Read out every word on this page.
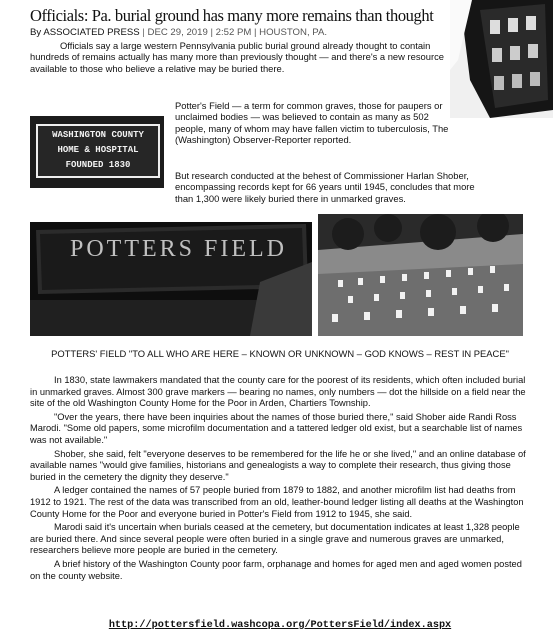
Officials: Pa. burial ground has many more remains than thought
By ASSOCIATED PRESS | DEC 29, 2019 | 2:52 PM | HOUSTON, PA.
Officials say a large western Pennsylvania public burial ground already thought to contain hundreds of remains actually has many more than previously thought — and there's a new resource available to those who believe a relative may be buried there.
WASHINGTON COUNTY
HOME & HOSPITAL
FOUNDED 1830
Potter's Field — a term for common graves, those for paupers or unclaimed bodies — was believed to contain as many as 502 people, many of whom may have fallen victim to tuberculosis, The (Washington) Observer-Reporter reported.
But research conducted at the behest of Commissioner Harlan Shober, encompassing records kept for 66 years until 1945, concludes that more than 1,300 were likely buried there in unmarked graves.
POTTERS FIELD
POTTERS' FIELD "TO ALL WHO ARE HERE – KNOWN OR UNKNOWN – GOD KNOWS – REST IN PEACE"

In 1830, state lawmakers mandated that the county care for the poorest of its residents, which often included burial in unmarked graves. Almost 300 grave markers — bearing no names, only numbers — dot the hillside on a field near the site of the old Washington County Home for the Poor in Arden, Chartiers Township.

"Over the years, there have been inquiries about the names of those buried there," said Shober aide Randi Ross Marodi. "Some old papers, some microfilm documentation and a tattered ledger old exist, but a searchable list of names was not available."

Shober, she said, felt "everyone deserves to be remembered for the life he or she lived," and an online database of available names "would give families, historians and genealogists a way to complete their research, thus giving those buried in the cemetery the dignity they deserve."

A ledger contained the names of 57 people buried from 1879 to 1882, and another microfilm list had deaths from 1912 to 1921. The rest of the data was transcribed from an old, leather-bound ledger listing all deaths at the Washington County Home for the Poor and everyone buried in Potter's Field from 1912 to 1945, she said.

Marodi said it's uncertain when burials ceased at the cemetery, but documentation indicates at least 1,328 people are buried there. And since several people were often buried in a single grave and numerous graves are unmarked, researchers believe more people are buried in the cemetery.

A brief history of the Washington County poor farm, orphanage and homes for aged men and aged women posted on the county website.

http://pottersfield.washcopa.org/PottersField/index.aspx
